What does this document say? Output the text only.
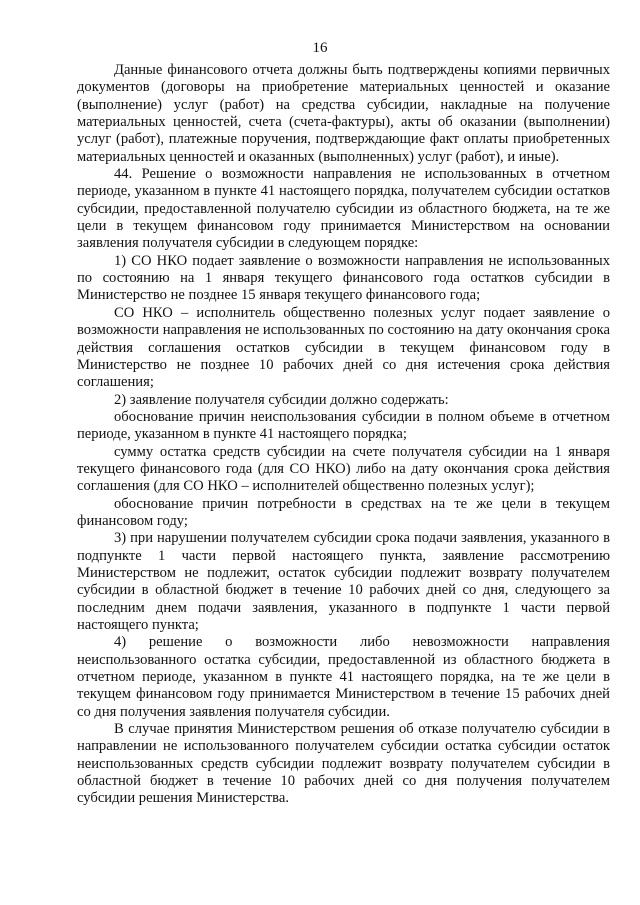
16

Данные финансового отчета должны быть подтверждены копиями первичных документов (договоры на приобретение материальных ценностей и оказание (выполнение) услуг (работ) на средства субсидии, накладные на получение материальных ценностей, счета (счета-фактуры), акты об оказании (выполнении) услуг (работ), платежные поручения, подтверждающие факт оплаты приобретенных материальных ценностей и оказанных (выполненных) услуг (работ), и иные).

44. Решение о возможности направления не использованных в отчетном периоде, указанном в пункте 41 настоящего порядка, получателем субсидии остатков субсидии, предоставленной получателю субсидии из областного бюджета, на те же цели в текущем финансовом году принимается Министерством на основании заявления получателя субсидии в следующем порядке:

1) СО НКО подает заявление о возможности направления не использованных по состоянию на 1 января текущего финансового года остатков субсидии в Министерство не позднее 15 января текущего финансового года;

СО НКО – исполнитель общественно полезных услуг подает заявление о возможности направления не использованных по состоянию на дату окончания срока действия соглашения остатков субсидии в текущем финансовом году в Министерство не позднее 10 рабочих дней со дня истечения срока действия соглашения;

2) заявление получателя субсидии должно содержать:

обоснование причин неиспользования субсидии в полном объеме в отчетном периоде, указанном в пункте 41 настоящего порядка;

сумму остатка средств субсидии на счете получателя субсидии на 1 января текущего финансового года (для СО НКО) либо на дату окончания срока действия соглашения (для СО НКО – исполнителей общественно полезных услуг);

обоснование причин потребности в средствах на те же цели в текущем финансовом году;

3) при нарушении получателем субсидии срока подачи заявления, указанного в подпункте 1 части первой настоящего пункта, заявление рассмотрению Министерством не подлежит, остаток субсидии подлежит возврату получателем субсидии в областной бюджет в течение 10 рабочих дней со дня, следующего за последним днем подачи заявления, указанного в подпункте 1 части первой настоящего пункта;

4) решение о возможности либо невозможности направления неиспользованного остатка субсидии, предоставленной из областного бюджета в отчетном периоде, указанном в пункте 41 настоящего порядка, на те же цели в текущем финансовом году принимается Министерством в течение 15 рабочих дней со дня получения заявления получателя субсидии.

В случае принятия Министерством решения об отказе получателю субсидии в направлении не использованного получателем субсидии остатка субсидии остаток неиспользованных средств субсидии подлежит возврату получателем субсидии в областной бюджет в течение 10 рабочих дней со дня получения получателем субсидии решения Министерства.
